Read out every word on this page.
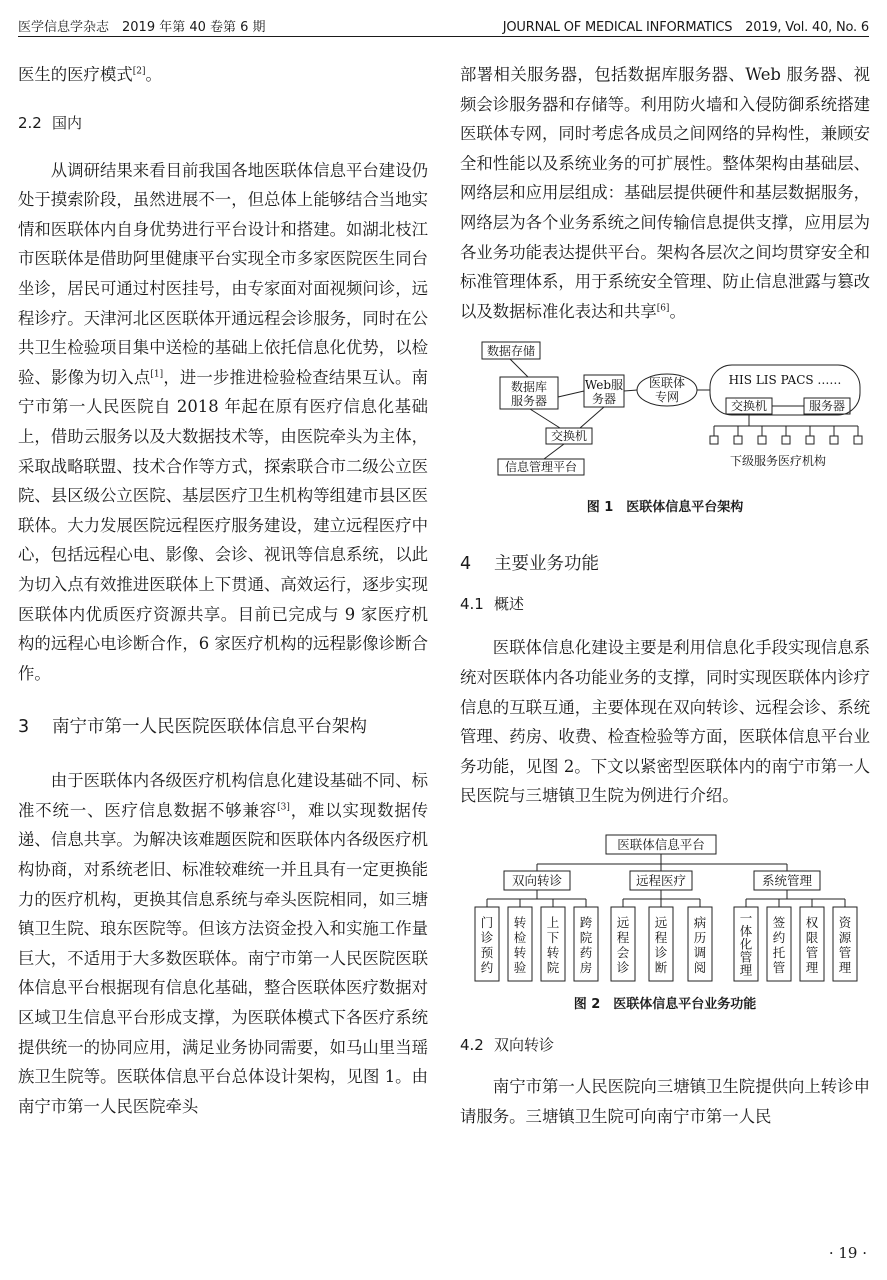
医学信息学杂志　2019 年第 40 卷第 6 期	JOURNAL OF MEDICAL INFORMATICS　2019, Vol. 40, No. 6

医生的医疗模式[2]。

2.2 国内

从调研结果来看目前我国各地医联体信息平台建设仍处于摸索阶段，虽然进展不一，但总体上能够结合当地实情和医联体内自身优势进行平台设计和搭建。如湖北枝江市医联体是借助阿里健康平台实现全市多家医院医生同台坐诊，居民可通过村医挂号，由专家面对面视频问诊，远程诊疗。天津河北区医联体开通远程会诊服务，同时在公共卫生检验项目集中送检的基础上依托信息化优势，以检验、影像为切入点[1]，进一步推进检验检查结果互认。南宁市第一人民医院自 2018 年起在原有医疗信息化基础上，借助云服务以及大数据技术等，由医院牵头为主体，采取战略联盟、技术合作等方式，探索联合市二级公立医院、县区级公立医院、基层医疗卫生机构等组建市县区医联体。大力发展医院远程医疗服务建设，建立远程医疗中心，包括远程心电、影像、会诊、视讯等信息系统，以此为切入点有效推进医联体上下贯通、高效运行，逐步实现医联体内优质医疗资源共享。目前已完成与 9 家医疗机构的远程心电诊断合作，6 家医疗机构的远程影像诊断合作。

3 南宁市第一人民医院医联体信息平台架构

由于医联体内各级医疗机构信息化建设基础不同、标准不统一、医疗信息数据不够兼容[3]，难以实现数据传递、信息共享。为解决该难题医院和医联体内各级医疗机构协商，对系统老旧、标准较难统一并且具有一定更换能力的医疗机构，更换其信息系统与牵头医院相同，如三塘镇卫生院、琅东医院等。但该方法资金投入和实施工作量巨大，不适用于大多数医联体。南宁市第一人民医院医联体信息平台根据现有信息化基础，整合医联体医疗数据对区域卫生信息平台形成支撑，为医联体模式下各医疗系统提供统一的协同应用，满足业务协同需要，如马山里当瑶族卫生院等。医联体信息平台总体设计架构，见图 1。由南宁市第一人民医院牵头

部署相关服务器，包括数据库服务器、Web 服务器、视频会诊服务器和存储等。利用防火墙和入侵防御系统搭建医联体专网，同时考虑各成员之间网络的异构性，兼顾安全和性能以及系统业务的可扩展性。整体架构由基础层、网络层和应用层组成：基础层提供硬件和基层数据服务，网络层为各个业务系统之间传输信息提供支撑，应用层为各业务功能表达提供平台。架构各层次之间均贯穿安全和标准管理体系，用于系统安全管理、防止信息泄露与篡改以及数据标准化表达和共享[6]。

数据存储
数据库
服务器
Web服
务器
医联体
专网
HIS LIS PACS ……
交换机	服务器
交换机
信息管理平台	下级服务医疗机构
图 1　医联体信息平台架构
4 主要业务功能
4.1 概述

医联体信息化建设主要是利用信息化手段实现信息系统对医联体内各功能业务的支撑，同时实现医联体内诊疗信息的互联互通，主要体现在双向转诊、远程会诊、系统管理、药房、收费、检查检验等方面，医联体信息平台业务功能，见图 2。下文以紧密型医联体内的南宁市第一人民医院与三塘镇卫生院为例进行介绍。

门诊预约
转检转验
上下转院
跨院药房
远程会诊
远程诊断
病历调阅
一体化管理
签约托管
权限管理
资源管理
医联体信息平台
双向转诊	远程医疗	系统管理
图 2　医联体信息平台业务功能
4.2 双向转诊

南宁市第一人民医院向三塘镇卫生院提供向上转诊申请服务。三塘镇卫生院可向南宁市第一人民

· 19 ·
